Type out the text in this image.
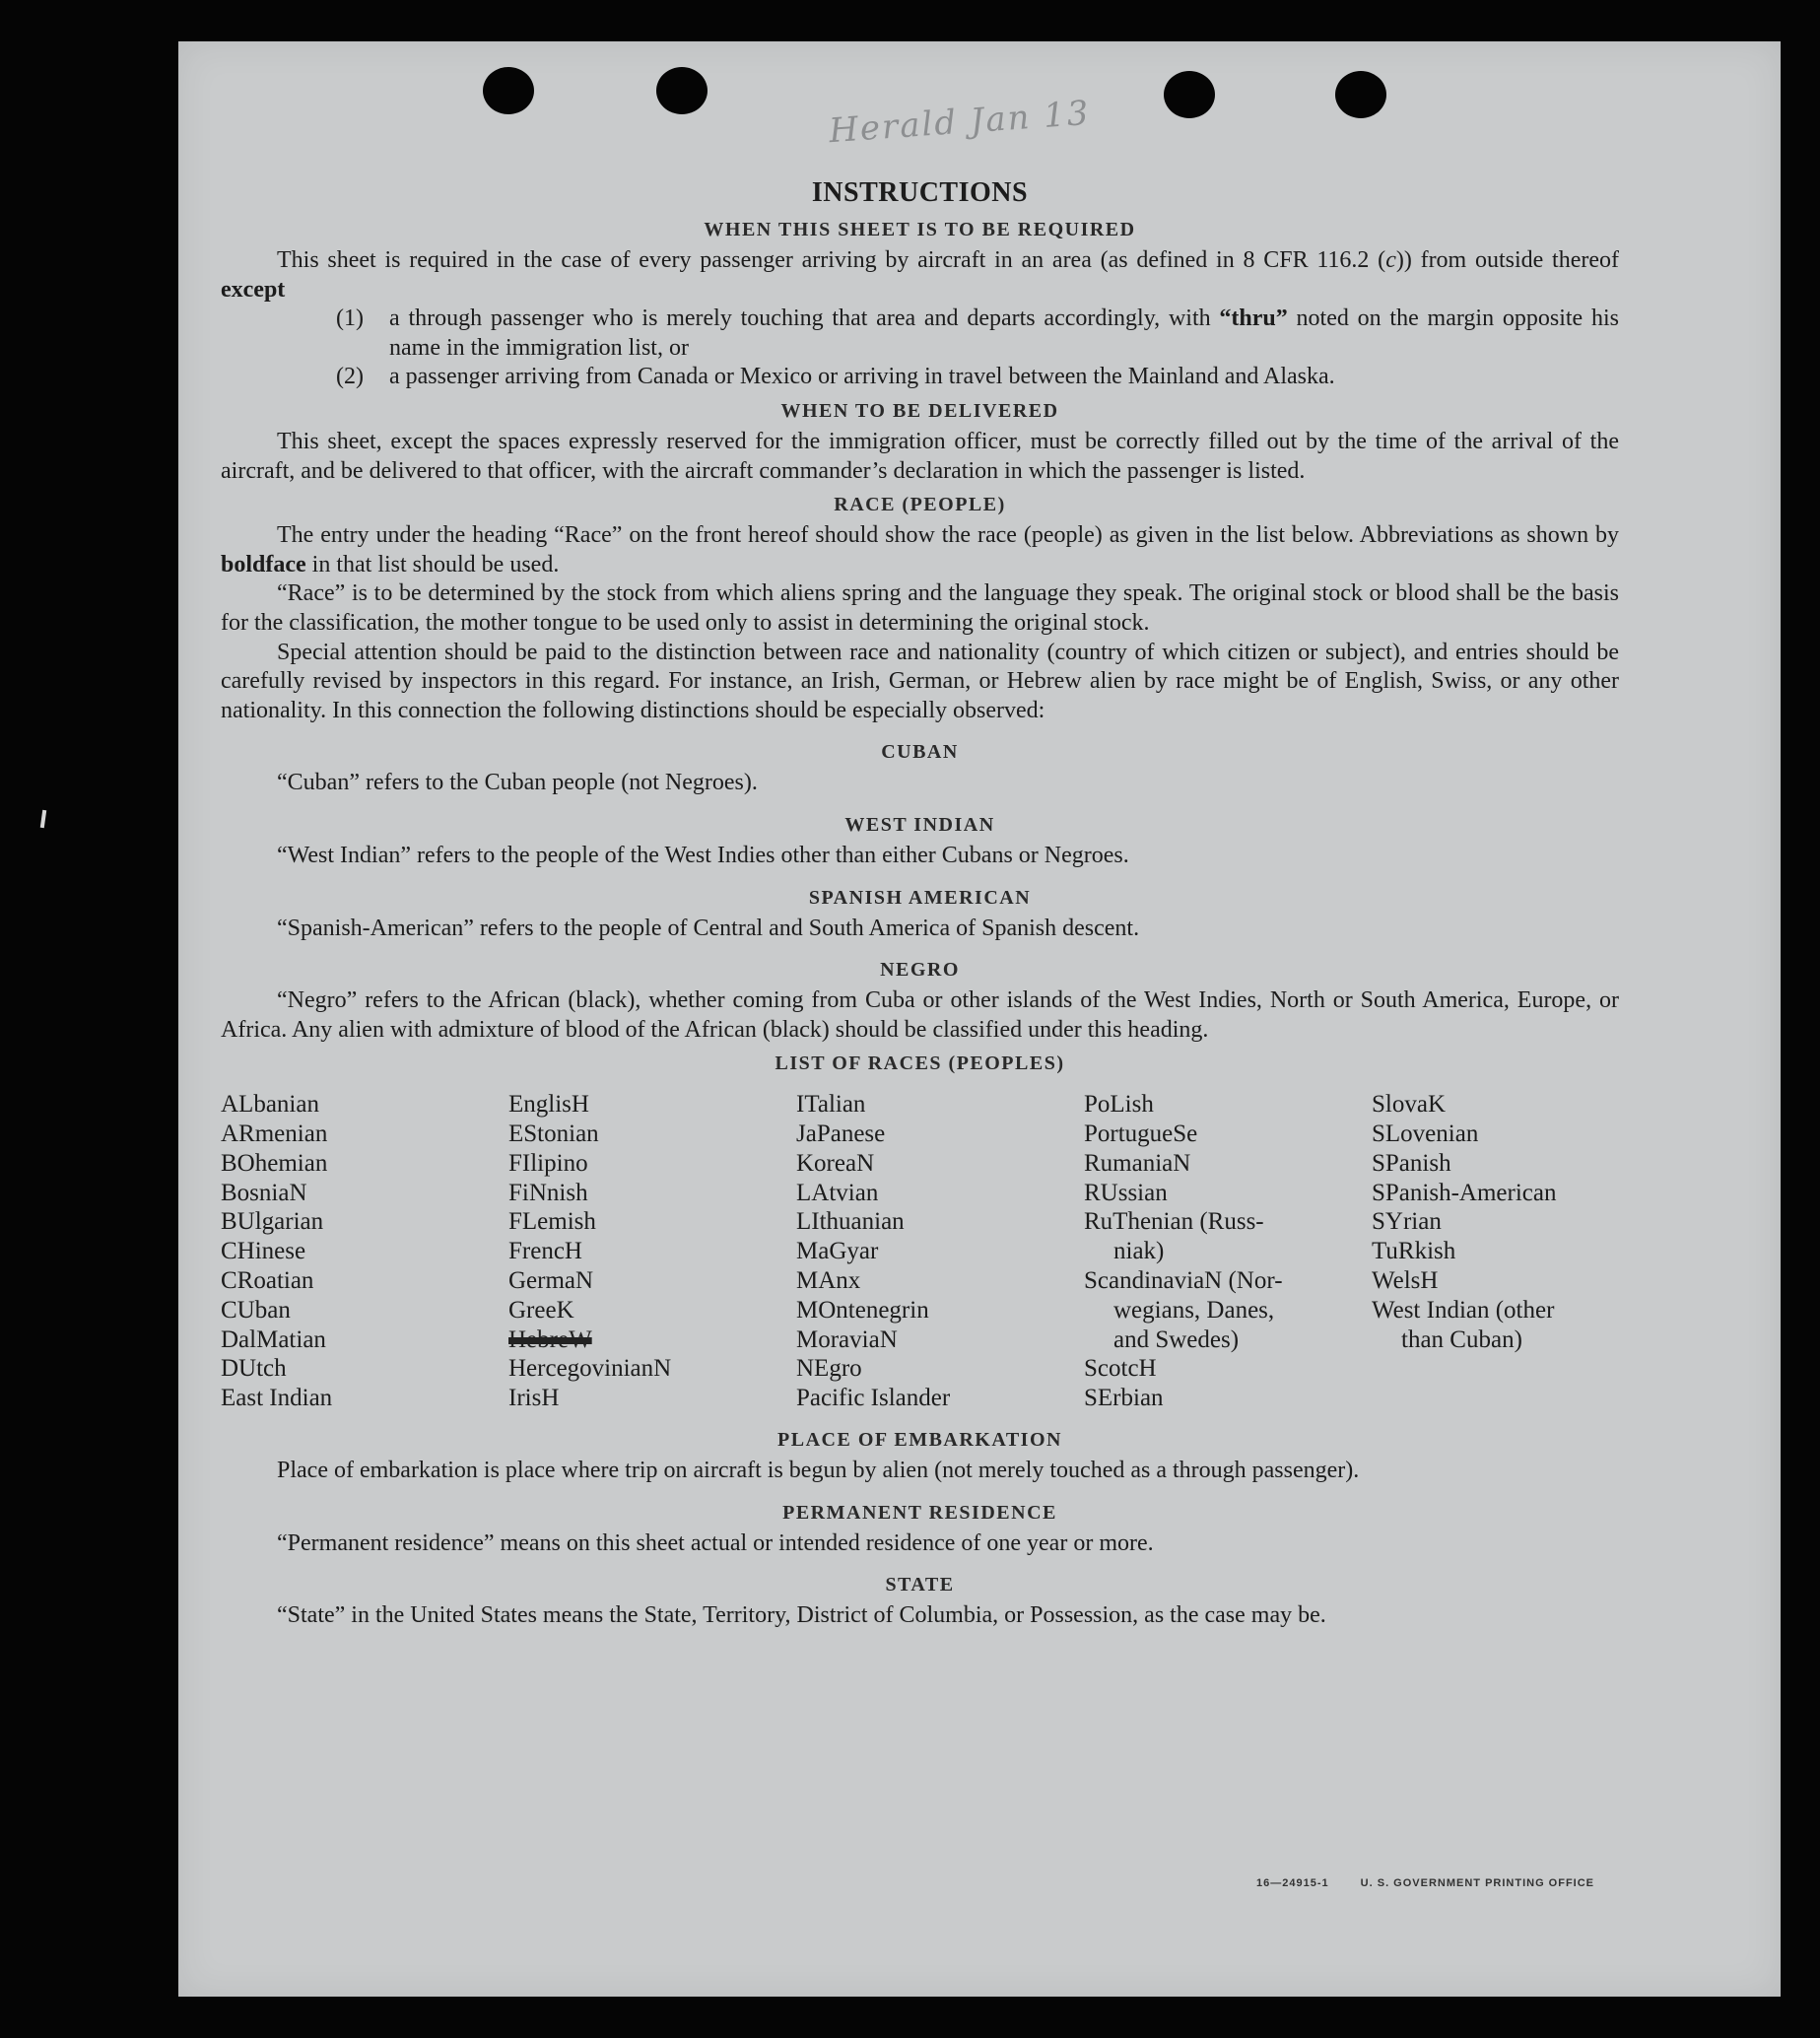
Herald Jan 13
INSTRUCTIONS
WHEN THIS SHEET IS TO BE REQUIRED

This sheet is required in the case of every passenger arriving by aircraft in an area (as defined in 8 CFR 116.2 (c)) from outside thereof except

(1)	a through passenger who is merely touching that area and departs accordingly, with “thru” noted on the margin opposite his name in the immigration list, or
(2)	a passenger arriving from Canada or Mexico or arriving in travel between the Mainland and Alaska.
WHEN TO BE DELIVERED

This sheet, except the spaces expressly reserved for the immigration officer, must be correctly filled out by the time of the arrival of the aircraft, and be delivered to that officer, with the aircraft commander’s declaration in which the passenger is listed.

RACE (PEOPLE)

The entry under the heading “Race” on the front hereof should show the race (people) as given in the list below. Abbreviations as shown by boldface in that list should be used.

“Race” is to be determined by the stock from which aliens spring and the language they speak. The original stock or blood shall be the basis for the classification, the mother tongue to be used only to assist in determining the original stock.

Special attention should be paid to the distinction between race and nationality (country of which citizen or subject), and entries should be carefully revised by inspectors in this regard. For instance, an Irish, German, or Hebrew alien by race might be of English, Swiss, or any other nationality. In this connection the following distinctions should be especially observed:

CUBAN

“Cuban” refers to the Cuban people (not Negroes).

WEST INDIAN

“West Indian” refers to the people of the West Indies other than either Cubans or Negroes.

SPANISH AMERICAN

“Spanish-American” refers to the people of Central and South America of Spanish descent.

NEGRO

“Negro” refers to the African (black), whether coming from Cuba or other islands of the West Indies, North or South America, Europe, or Africa. Any alien with admixture of blood of the African (black) should be classified under this heading.

LIST OF RACES (PEOPLES)
ALbanian
ARmenian
BOhemian
BosniaN
BUlgarian
CHinese
CRoatian
CUban
DalMatian
DUtch
East Indian
EnglisH
EStonian
FIlipino
FiNnish
FLemish
FrencH
GermaN
GreeK
HebreW
HercegovinianN
IrisH
ITalian
JaPanese
KoreaN
LAtvian
LIthuanian
MaGyar
MAnx
MOntenegrin
MoraviaN
NEgro
Pacific Islander
PoLish
PortugueSe
RumaniaN
RUssian
RuThenian (Russ-
niak)
ScandinaviaN (Nor-
wegians, Danes,
and Swedes)
ScotcH
SErbian
SlovaK
SLovenian
SPanish
SPanish-American
SYrian
TuRkish
WelsH
West Indian (other
than Cuban)
PLACE OF EMBARKATION

Place of embarkation is place where trip on aircraft is begun by alien (not merely touched as a through passenger).

PERMANENT RESIDENCE

“Permanent residence” means on this sheet actual or intended residence of one year or more.

STATE

“State” in the United States means the State, Territory, District of Columbia, or Possession, as the case may be.

16—24915-1	U. S. GOVERNMENT PRINTING OFFICE
